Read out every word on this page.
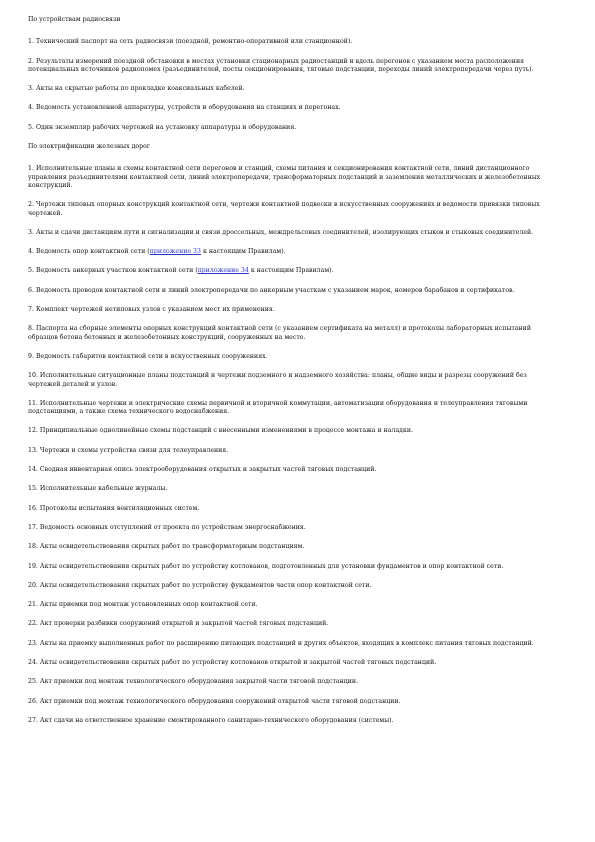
По устройствам радиосвязи

1. Технический паспорт на сеть радиосвязи (поездной, ремонтно-оперативной или станционной).

2. Результаты измерений поездной обстановки в местах установки стационарных радиостанций и вдоль перегонов с указанием места расположения потенциальных источников радиопомех (разъединителей, посты секционирования, тяговые подстанции, переходы линий электропередачи через путь).

3. Акты на скрытые работы по прокладке коаксиальных кабелей.

4. Ведомость установленной аппаратуры, устройств и оборудования на станциях и перегонах.

5. Один экземпляр рабочих чертежей на установку аппаратуры и оборудования.

По электрификации железных дорог

1. Исполнительные планы и схемы контактной сети перегонов и станций, схемы питания и секционирования контактной сети, линий дистанционного управления разъединителями контактной сети, линий электропередачи, трансформаторных подстанций и заземления металлических и железобетонных конструкций.

2. Чертежи типовых опорных конструкций контактной сети, чертежи контактной подвески в искусственных сооружениях и ведомости привязки типовых чертежей.

3. Акты и сдачи дистанциям пути и сигнализации и связи дроссельных, междрельсовых соединителей, изолирующих стыков и стыковых соединителей.

4. Ведомость опор контактной сети (приложение 33 к настоящим Правилам).

5. Ведомость анкерных участков контактной сети (приложение 34 к настоящим Правилам).

6. Ведомость проводов контактной сети и линий электропередачи по анкерным участкам с указанием марок, номеров барабанов и сертификатов.

7. Комплект чертежей нетиповых узлов с указанием мест их применения.

8. Паспорта на сборные элементы опорных конструкций контактной сети (с указанием сертификата на металл) и протоколы лабораторных испытаний образцов бетона бетонных и железобетонных конструкций, сооруженных на месте.

9. Ведомость габаритов контактной сети в искусственных сооружениях.

10. Исполнительные ситуационные планы подстанций и чертежи подземного и надземного хозяйства: планы, общие виды и разрезы сооружений без чертежей деталей и узлов.

11. Исполнительные чертежи и электрические схемы первичной и вторичной коммутации, автоматизации оборудования и телеуправления тяговыми подстанциями, а также схема технического водоснабжения.

12. Принципиальные однолинейные схемы подстанций с внесенными изменениями в процессе монтажа и наладки.

13. Чертежи и схемы устройства связи для телеуправления.

14. Сводная инвентарная опись электрооборудования открытых и закрытых частей тяговых подстанций.

15. Исполнительные кабельные журналы.

16. Протоколы испытания вентиляционных систем.

17. Ведомость основных отступлений от проекта по устройствам энергоснабжения.

18. Акты освидетельствования скрытых работ по трансформаторным подстанциям.

19. Акты освидетельствования скрытых работ по устройству котлованов, подготовленных для установки фундаментов и опор контактной сети.

20. Акты освидетельствования скрытых работ по устройству фундаментов части опор контактной сети.

21. Акты приемки под монтаж установленных опор контактной сети.

22. Акт проверки разбивки сооружений открытой и закрытой частей тяговых подстанций.

23. Акты на приемку выполненных работ по расширению питающих подстанций и других объектов, входящих в комплекс питания тяговых подстанций.

24. Акты освидетельствования скрытых работ по устройству котлованов открытой и закрытой частей тяговых подстанций.

25. Акт приемки под монтаж технологического оборудования закрытой части тяговой подстанции.

26. Акт приемки под монтаж технологического оборудования сооружений открытой части тяговой подстанции.

27. Акт сдачи на ответственное хранение смонтированного санитарно-технического оборудования (системы).
